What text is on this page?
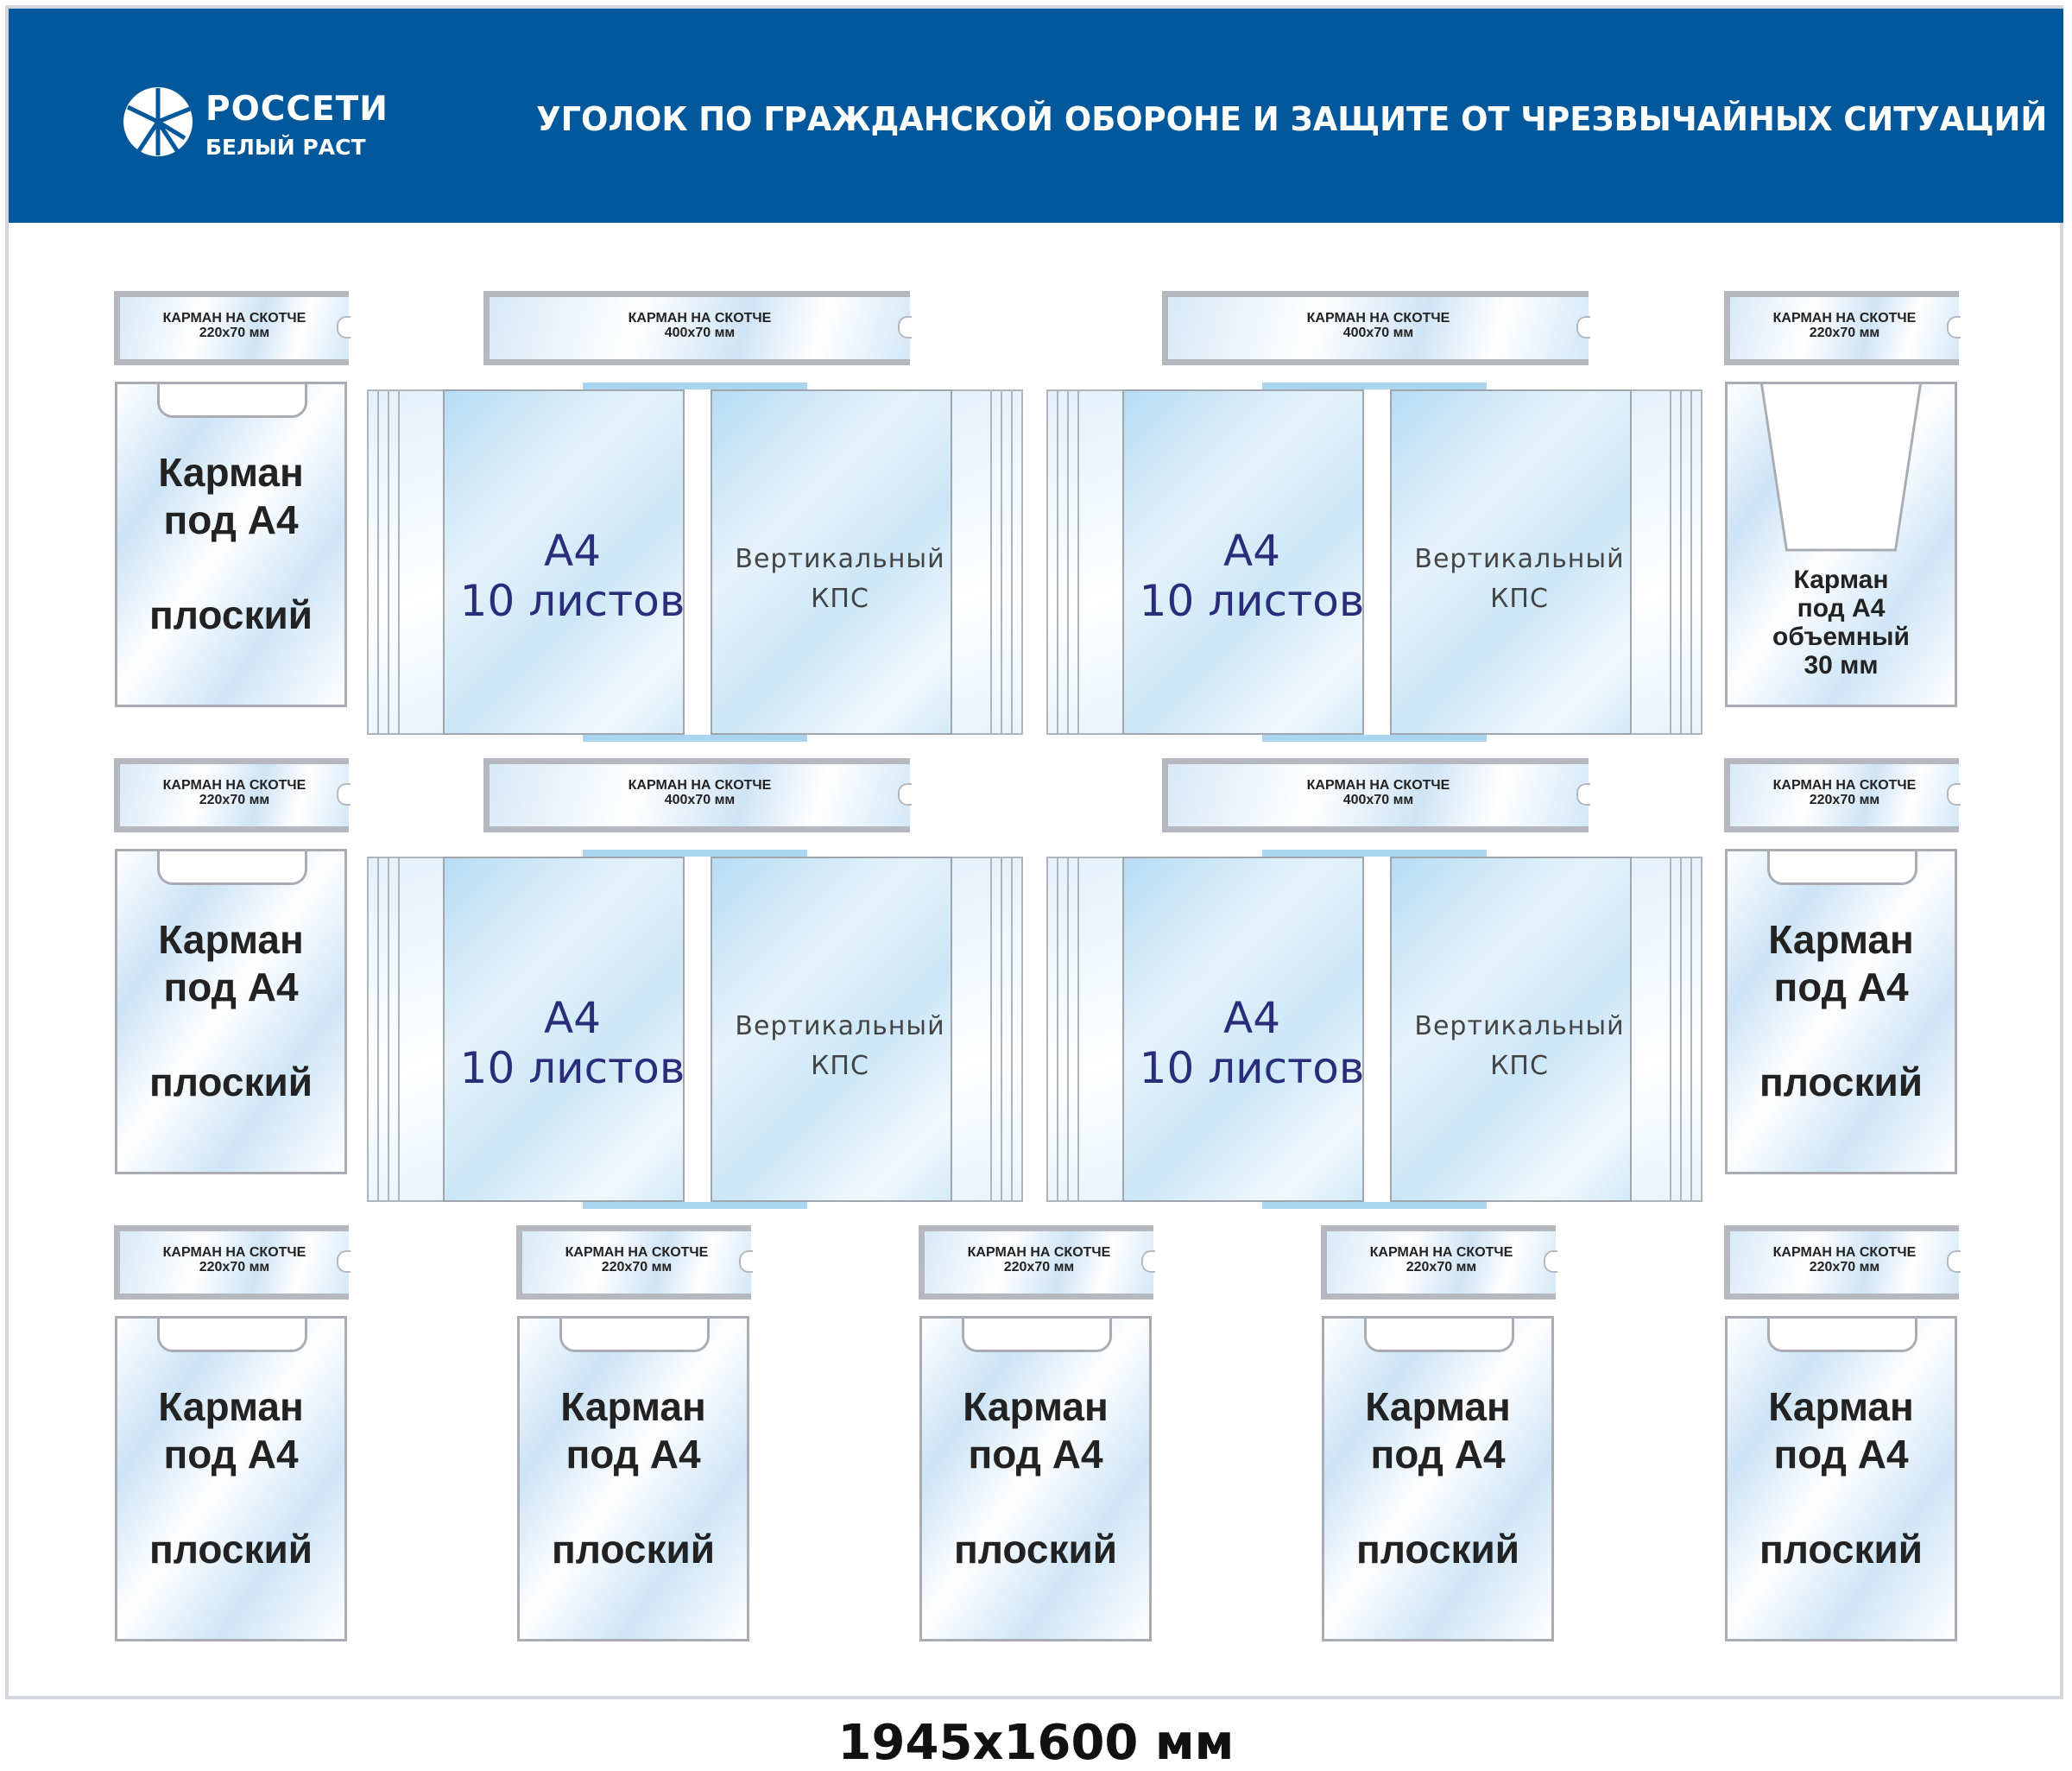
РОССЕТИ
БЕЛЫЙ РАСТ
УГОЛОК ПО ГРАЖДАНСКОЙ ОБОРОНЕ И ЗАЩИТЕ ОТ ЧРЕЗВЫЧАЙНЫХ СИТУАЦИЙ
КАРМАН НА СКОТЧЕ
220х70 мм
Карман
под А4
плоский
КАРМАН НА СКОТЧЕ
400х70 мм
А4
10 листов
Вертикальный
КПС
КАРМАН НА СКОТЧЕ
400х70 мм
А4
10 листов
Вертикальный
КПС
КАРМАН НА СКОТЧЕ
220х70 мм
Карман
под А4
объемный
30 мм
КАРМАН НА СКОТЧЕ
220х70 мм
Карман
под А4
плоский
КАРМАН НА СКОТЧЕ
400х70 мм
А4
10 листов
Вертикальный
КПС
КАРМАН НА СКОТЧЕ
400х70 мм
А4
10 листов
Вертикальный
КПС
КАРМАН НА СКОТЧЕ
220х70 мм
Карман
под А4
плоский
КАРМАН НА СКОТЧЕ
220х70 мм
Карман
под А4
плоский
КАРМАН НА СКОТЧЕ
220х70 мм
Карман
под А4
плоский
КАРМАН НА СКОТЧЕ
220х70 мм
Карман
под А4
плоский
КАРМАН НА СКОТЧЕ
220х70 мм
Карман
под А4
плоский
КАРМАН НА СКОТЧЕ
220х70 мм
Карман
под А4
плоский
1945х1600 мм
